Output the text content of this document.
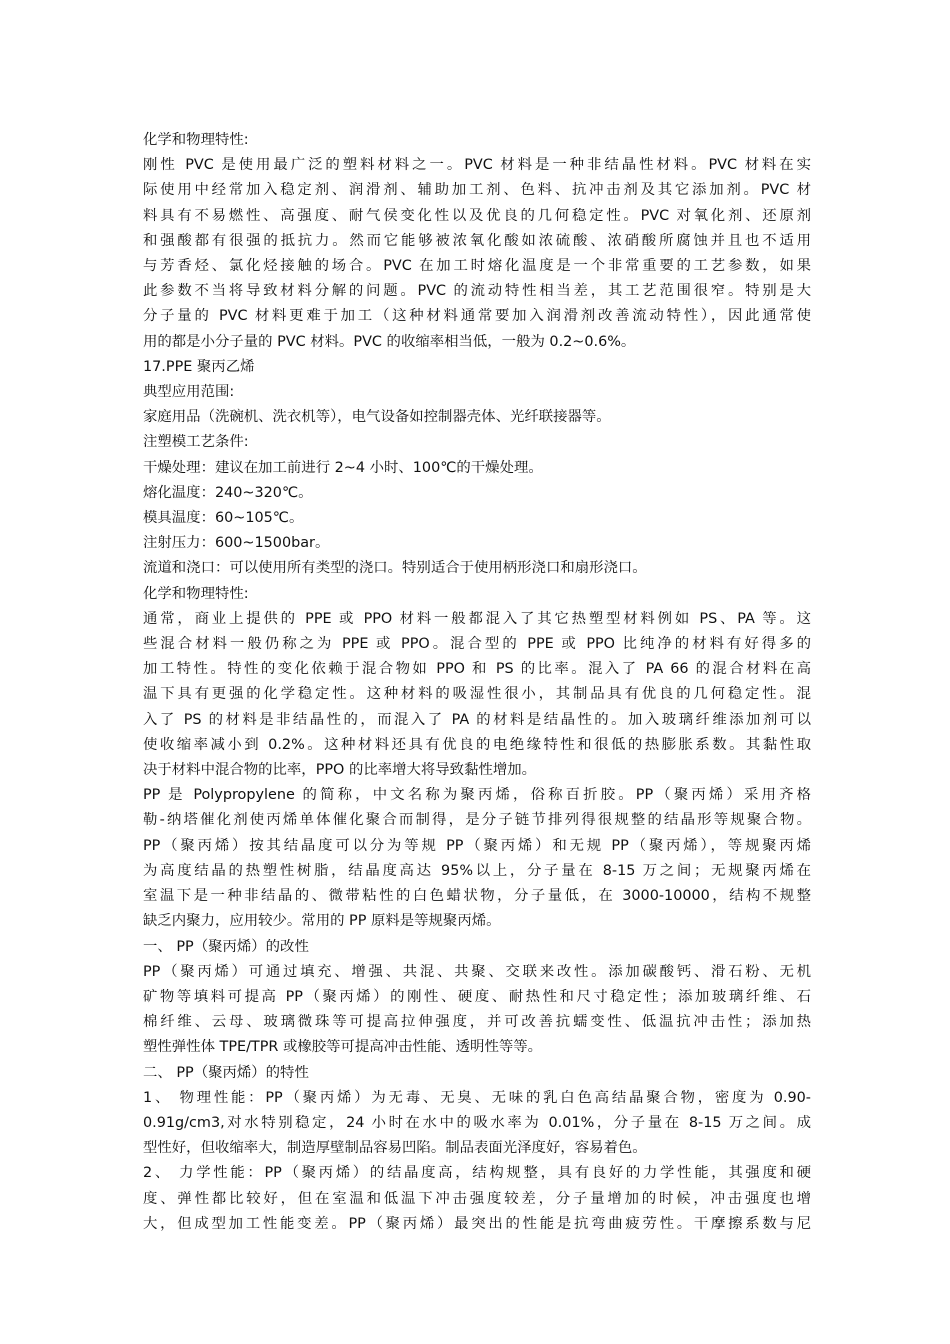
化学和物理特性:
刚性 PVC 是使用最广泛的塑料材料之一。PVC 材料是一种非结晶性材料。PVC 材料在实
际使用中经常加入稳定剂、润滑剂、辅助加工剂、色料、抗冲击剂及其它添加剂。PVC 材
料具有不易燃性、高强度、耐气侯变化性以及优良的几何稳定性。PVC 对氧化剂、还原剂
和强酸都有很强的抵抗力。然而它能够被浓氧化酸如浓硫酸、浓硝酸所腐蚀并且也不适用
与芳香烃、氯化烃接触的场合。PVC 在加工时熔化温度是一个非常重要的工艺参数，如果
此参数不当将导致材料分解的问题。PVC 的流动特性相当差，其工艺范围很窄。特别是大
分子量的 PVC 材料更难于加工（这种材料通常要加入润滑剂改善流动特性），因此通常使
用的都是小分子量的 PVC 材料。PVC 的收缩率相当低，一般为 0.2~0.6%。
17.PPE 聚丙乙烯
典型应用范围:
家庭用品（洗碗机、洗衣机等），电气设备如控制器壳体、光纤联接器等。
注塑模工艺条件:
干燥处理：建议在加工前进行 2~4 小时、100℃的干燥处理。
熔化温度：240~320℃。
模具温度：60~105℃。
注射压力：600~1500bar。
流道和浇口：可以使用所有类型的浇口。特别适合于使用柄形浇口和扇形浇口。
化学和物理特性:
通常，商业上提供的 PPE 或 PPO 材料一般都混入了其它热塑型材料例如 PS、PA 等。这
些混合材料一般仍称之为 PPE 或 PPO。混合型的 PPE 或 PPO 比纯净的材料有好得多的
加工特性。特性的变化依赖于混合物如 PPO 和 PS 的比率。混入了 PA 66 的混合材料在高
温下具有更强的化学稳定性。这种材料的吸湿性很小，其制品具有优良的几何稳定性。混
入了 PS 的材料是非结晶性的，而混入了 PA 的材料是结晶性的。加入玻璃纤维添加剂可以
使收缩率减小到 0.2%。这种材料还具有优良的电绝缘特性和很低的热膨胀系数。其黏性取
决于材料中混合物的比率，PPO 的比率增大将导致黏性增加。
PP 是 Polypropylene 的简称，中文名称为聚丙烯，俗称百折胶。PP（聚丙烯）采用齐格
勒-纳塔催化剂使丙烯单体催化聚合而制得，是分子链节排列得很规整的结晶形等规聚合物。
PP（聚丙烯）按其结晶度可以分为等规 PP（聚丙烯）和无规 PP（聚丙烯），等规聚丙烯
为高度结晶的热塑性树脂，结晶度高达 95%以上，分子量在 8-15 万之间；无规聚丙烯在
室温下是一种非结晶的、微带粘性的白色蜡状物，分子量低，在 3000-10000，结构不规整
缺乏内聚力，应用较少。常用的 PP 原料是等规聚丙烯。
一、 PP（聚丙烯）的改性
PP（聚丙烯）可通过填充、增强、共混、共聚、交联来改性。添加碳酸钙、滑石粉、无机
矿物等填料可提高 PP（聚丙烯）的刚性、硬度、耐热性和尺寸稳定性；添加玻璃纤维、石
棉纤维、云母、玻璃微珠等可提高拉伸强度，并可改善抗蠕变性、低温抗冲击性；添加热
塑性弹性体 TPE/TPR 或橡胶等可提高冲击性能、透明性等等。
二、 PP（聚丙烯）的特性
1、 物理性能：PP（聚丙烯）为无毒、无臭、无味的乳白色高结晶聚合物，密度为 0.90-
0.91g/cm3,对水特别稳定，24 小时在水中的吸水率为 0.01%，分子量在 8-15 万之间。成
型性好，但收缩率大，制造厚壁制品容易凹陷。制品表面光泽度好，容易着色。
2、 力学性能：PP（聚丙烯）的结晶度高，结构规整，具有良好的力学性能，其强度和硬
度、弹性都比较好，但在室温和低温下冲击强度较差，分子量增加的时候，冲击强度也增
大，但成型加工性能变差。PP（聚丙烯）最突出的性能是抗弯曲疲劳性。干摩擦系数与尼
